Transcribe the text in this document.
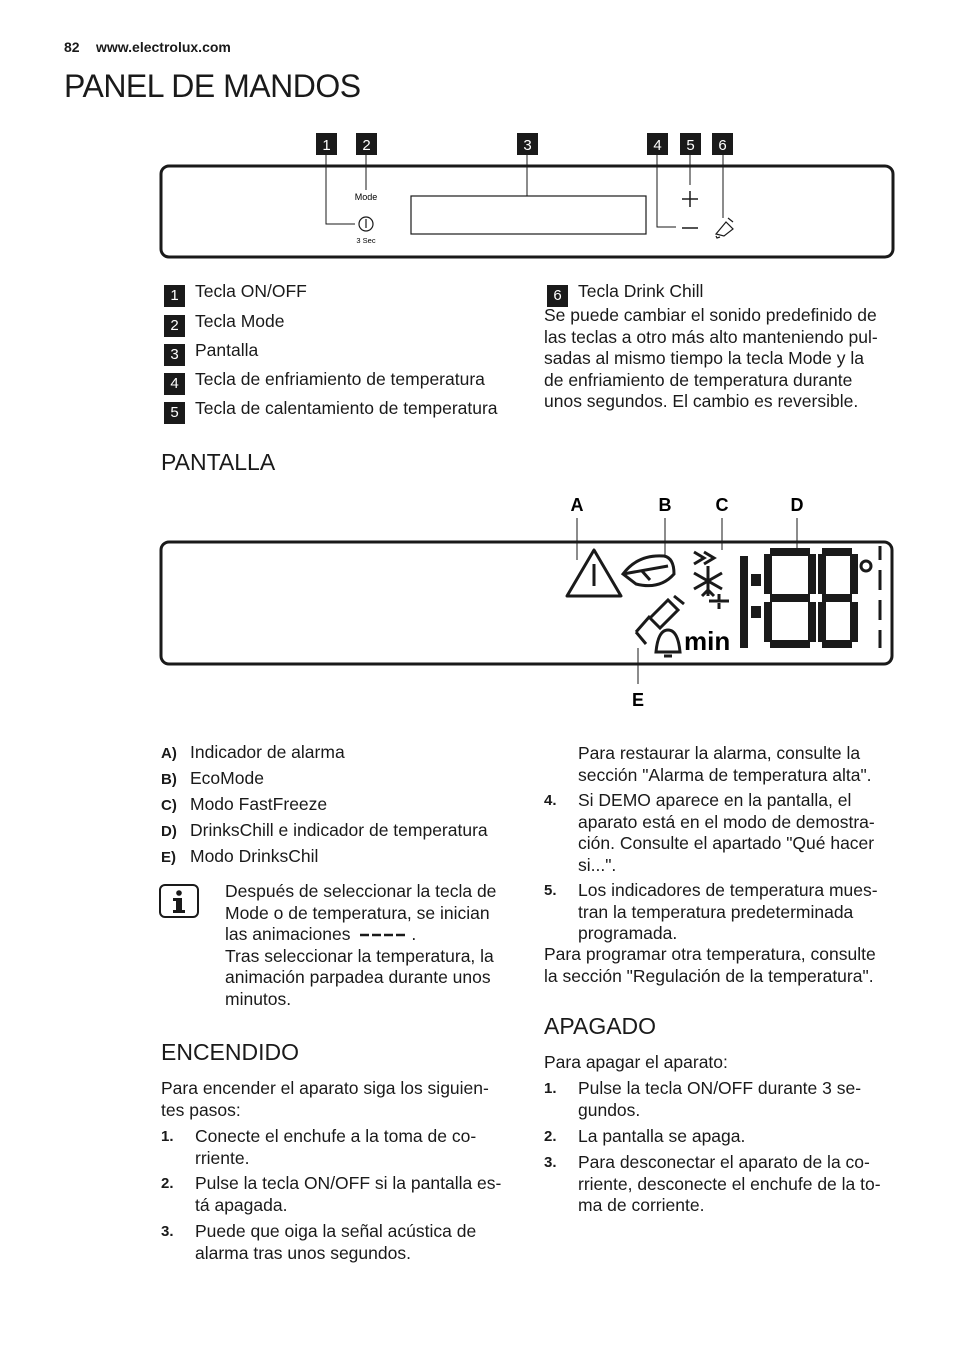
82 www.electrolux.com
PANEL DE MANDOS
1 2	3	4 5 6
Mode
3 Sec
1 Tecla ON/OFF
2 Tecla Mode
3 Pantalla
4 Tecla de enfriamiento de temperatura
5 Tecla de calentamiento de temperatura
6 Tecla Drink Chill
Se puede cambiar el sonido predefinido de
las teclas a otro más alto manteniendo pul-
sadas al mismo tiempo la tecla Mode y la
de enfriamiento de temperatura durante
unos segundos. El cambio es reversible.
PANTALLA
A	B C	D
E
min
A) Indicador de alarma
B) EcoMode
C) Modo FastFreeze
D) DrinksChill e indicador de temperatura
E) Modo DrinksChil
Después de seleccionar la tecla de
Mode o de temperatura, se inician
las animaciones	.
Tras seleccionar la temperatura, la
animación parpadea durante unos
minutos.
ENCENDIDO
Para encender el aparato siga los siguien-
tes pasos:
1. Conecte el enchufe a la toma de co-
rriente.
2. Pulse la tecla ON/OFF si la pantalla es-
tá apagada.
3. Puede que oiga la señal acústica de
alarma tras unos segundos.
Para restaurar la alarma, consulte la
sección "Alarma de temperatura alta".
4. Si DEMO aparece en la pantalla, el
aparato está en el modo de demostra-
ción. Consulte el apartado "Qué hacer
si...".
5. Los indicadores de temperatura mues-
tran la temperatura predeterminada
programada.
Para programar otra temperatura, consulte
la sección "Regulación de la temperatura".
APAGADO
Para apagar el aparato:
1. Pulse la tecla ON/OFF durante 3 se-
gundos.
2. La pantalla se apaga.
3. Para desconectar el aparato de la co-
rriente, desconecte el enchufe de la to-
ma de corriente.
